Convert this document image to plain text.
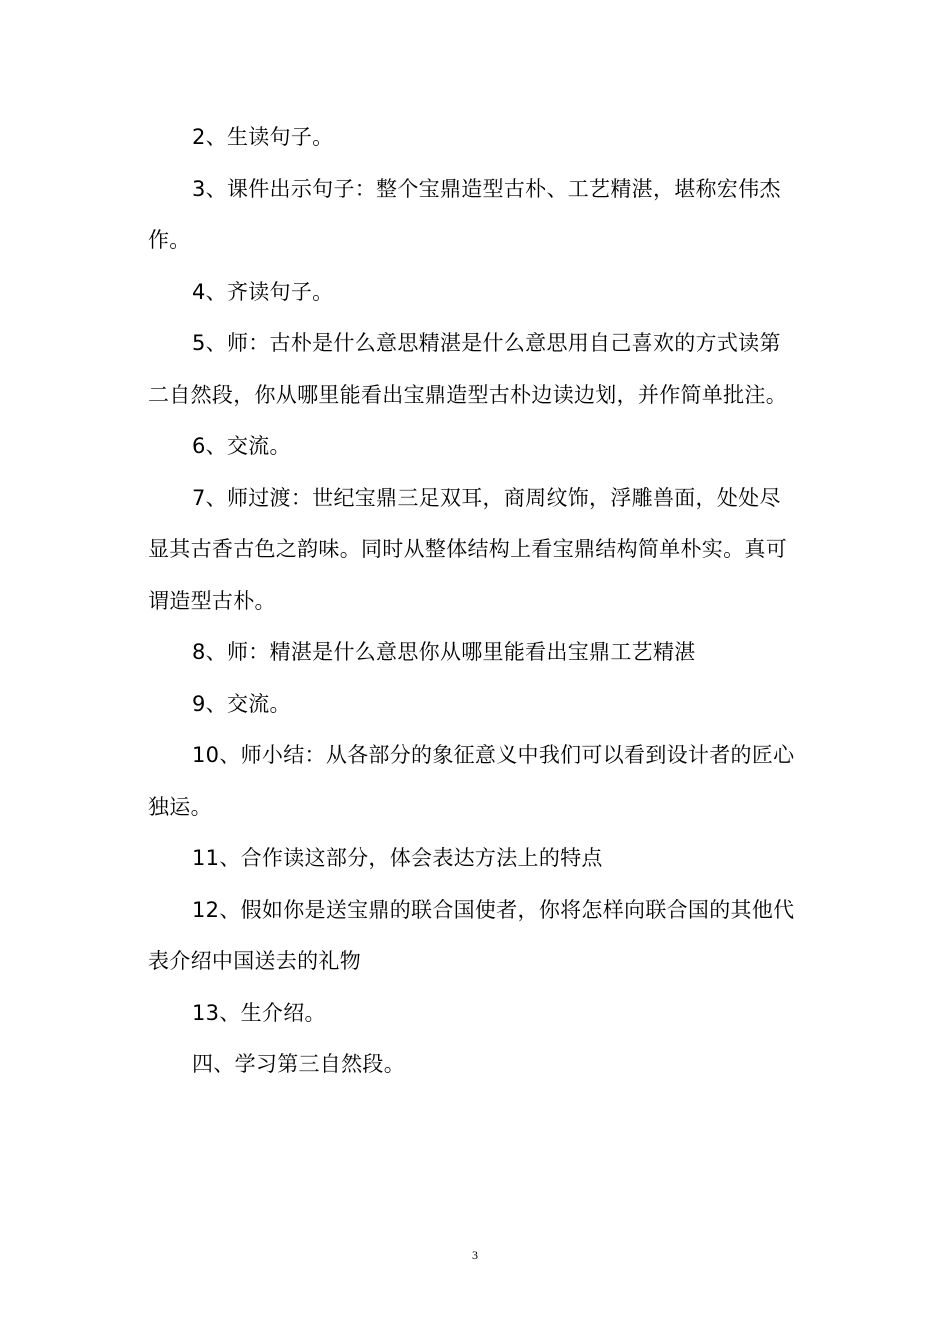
2、生读句子。

3、课件出示句子：整个宝鼎造型古朴、工艺精湛，堪称宏伟杰作。

4、齐读句子。

5、师：古朴是什么意思精湛是什么意思用自己喜欢的方式读第二自然段，你从哪里能看出宝鼎造型古朴边读边划，并作简单批注。

6、交流。

7、师过渡：世纪宝鼎三足双耳，商周纹饰，浮雕兽面，处处尽显其古香古色之韵味。同时从整体结构上看宝鼎结构简单朴实。真可谓造型古朴。

8、师：精湛是什么意思你从哪里能看出宝鼎工艺精湛

9、交流。

10、师小结：从各部分的象征意义中我们可以看到设计者的匠心独运。

11、合作读这部分，体会表达方法上的特点

12、假如你是送宝鼎的联合国使者，你将怎样向联合国的其他代表介绍中国送去的礼物

13、生介绍。

四、学习第三自然段。

3
